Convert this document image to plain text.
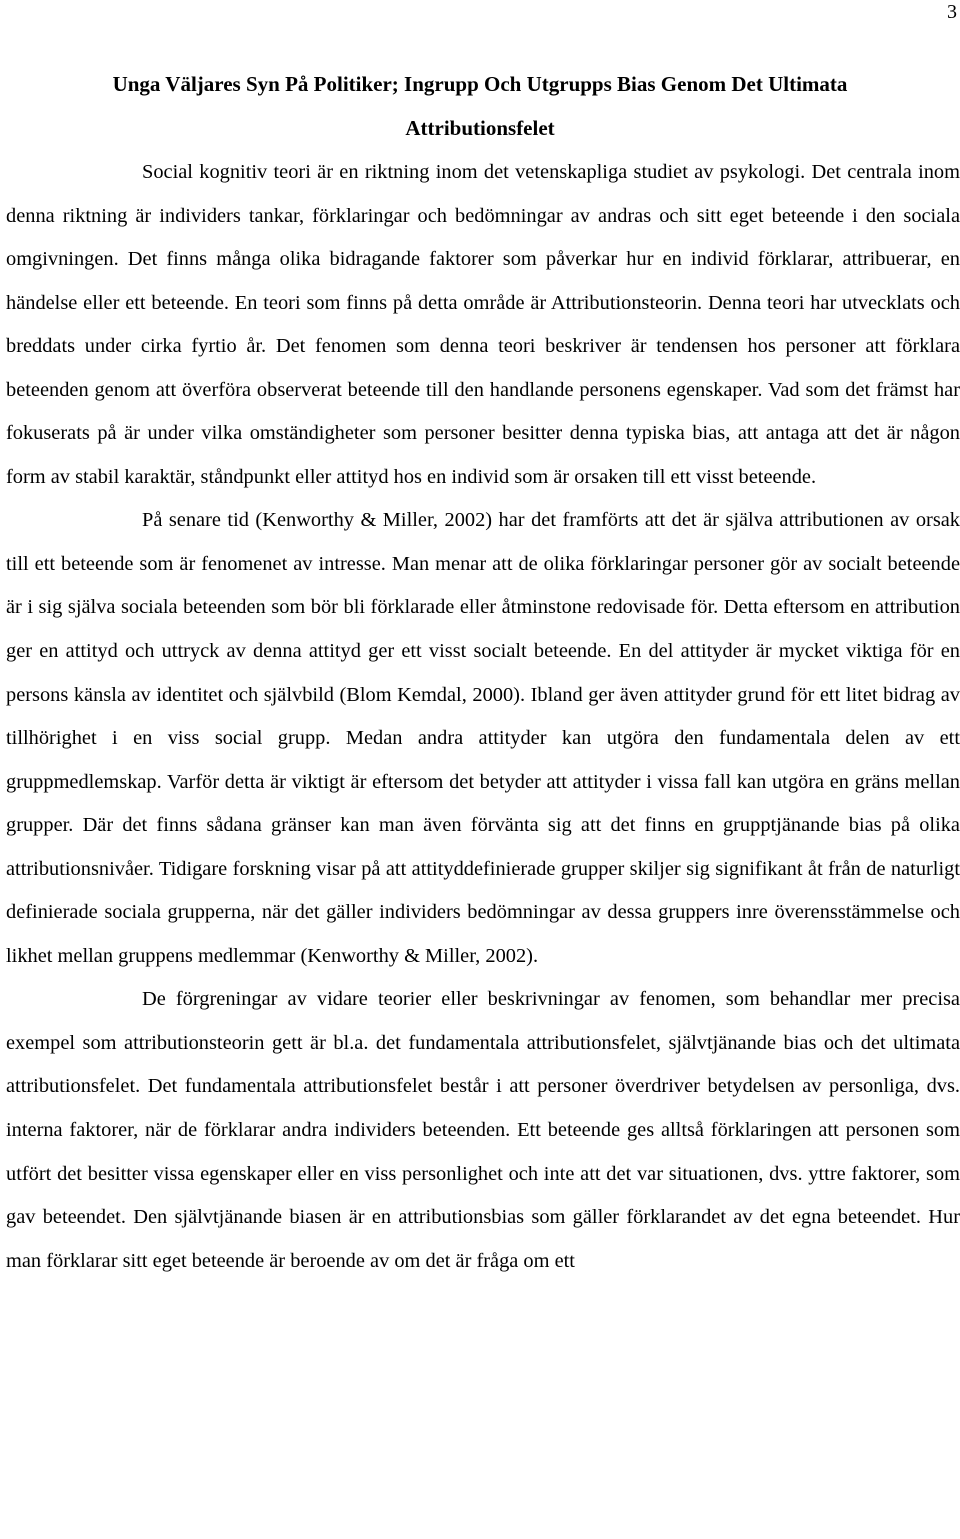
3
Unga Väljares Syn På Politiker; Ingrupp Och Utgrupps Bias Genom Det Ultimata
Attributionsfelet

Social kognitiv teori är en riktning inom det vetenskapliga studiet av psykologi. Det centrala inom denna riktning är individers tankar, förklaringar och bedömningar av andras och sitt eget beteende i den sociala omgivningen. Det finns många olika bidragande faktorer som påverkar hur en individ förklarar, attribuerar, en händelse eller ett beteende. En teori som finns på detta område är Attributionsteorin. Denna teori har utvecklats och breddats under cirka fyrtio år. Det fenomen som denna teori beskriver är tendensen hos personer att förklara beteenden genom att överföra observerat beteende till den handlande personens egenskaper. Vad som det främst har fokuserats på är under vilka omständigheter som personer besitter denna typiska bias, att antaga att det är någon form av stabil karaktär, ståndpunkt eller attityd hos en individ som är orsaken till ett visst beteende.

På senare tid (Kenworthy & Miller, 2002) har det framförts att det är själva attributionen av orsak till ett beteende som är fenomenet av intresse. Man menar att de olika förklaringar personer gör av socialt beteende är i sig själva sociala beteenden som bör bli förklarade eller åtminstone redovisade för. Detta eftersom en attribution ger en attityd och uttryck av denna attityd ger ett visst socialt beteende. En del attityder är mycket viktiga för en persons känsla av identitet och självbild (Blom Kemdal, 2000). Ibland ger även attityder grund för ett litet bidrag av tillhörighet i en viss social grupp. Medan andra attityder kan utgöra den fundamentala delen av ett gruppmedlemskap. Varför detta är viktigt är eftersom det betyder att attityder i vissa fall kan utgöra en gräns mellan grupper. Där det finns sådana gränser kan man även förvänta sig att det finns en grupptjänande bias på olika attributionsnivåer. Tidigare forskning visar på att attityddefinierade grupper skiljer sig signifikant åt från de naturligt definierade sociala grupperna, när det gäller individers bedömningar av dessa gruppers inre överensstämmelse och likhet mellan gruppens medlemmar (Kenworthy & Miller, 2002).

De förgreningar av vidare teorier eller beskrivningar av fenomen, som behandlar mer precisa exempel som attributionsteorin gett är bl.a. det fundamentala attributionsfelet, självtjänande bias och det ultimata attributionsfelet. Det fundamentala attributionsfelet består i att personer överdriver betydelsen av personliga, dvs. interna faktorer, när de förklarar andra individers beteenden. Ett beteende ges alltså förklaringen att personen som utfört det besitter vissa egenskaper eller en viss personlighet och inte att det var situationen, dvs. yttre faktorer, som gav beteendet. Den självtjänande biasen är en attributionsbias som gäller förklarandet av det egna beteendet. Hur man förklarar sitt eget beteende är beroende av om det är fråga om ett
